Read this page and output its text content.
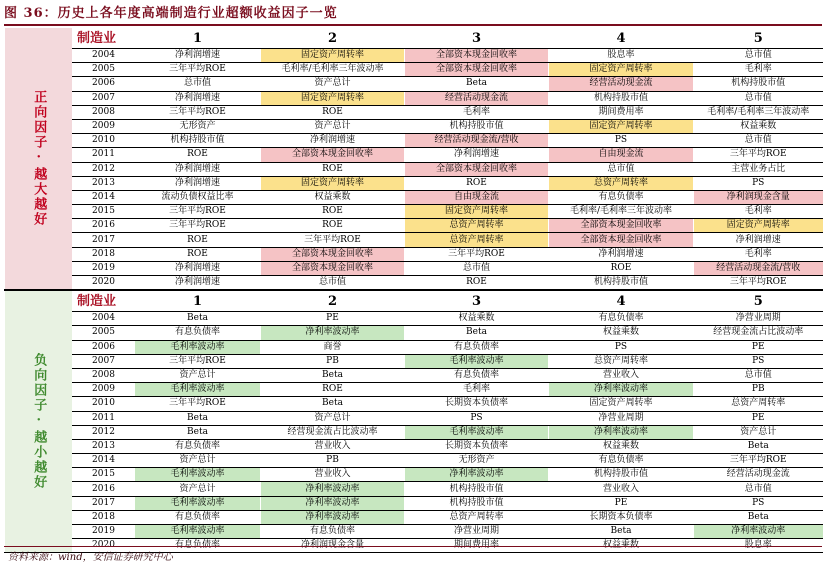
图 36：历史上各年度高端制造行业超额收益因子一览
正向因子·越大越好	制造业	1	2	3	4	5
	2004	净利润增速	固定资产周转率	全部资本现金回收率	股息率	总市值
	2005	三年平均ROE	毛利率/毛利率三年波动率	全部资本现金回收率	固定资产周转率	毛利率
	2006	总市值	资产总计	Beta	经营活动现金流	机构持股市值
	2007	净利润增速	固定资产周转率	经营活动现金流	机构持股市值	总市值
	2008	三年平均ROE	ROE	毛利率	期间费用率	毛利率/毛利率三年波动率
	2009	无形资产	资产总计	机构持股市值	固定资产周转率	权益乘数
	2010	机构持股市值	净利润增速	经营活动现金流/营收	PS	总市值
	2011	ROE	全部资本现金回收率	净利润增速	自由现金流	三年平均ROE
	2012	净利润增速	ROE	全部资本现金回收率	总市值	主营业务占比
	2013	净利润增速	固定资产周转率	ROE	总资产周转率	PS
	2014	流动负债权益比率	权益乘数	自由现金流	有息负债率	净利润现金含量
	2015	三年平均ROE	ROE	固定资产周转率	毛利率/毛利率三年波动率	毛利率
	2016	三年平均ROE	ROE	总资产周转率	全部资本现金回收率	固定资产周转率
	2017	ROE	三年平均ROE	总资产周转率	全部资本现金回收率	净利润增速
	2018	ROE	全部资本现金回收率	三年平均ROE	净利润增速	毛利率
	2019	净利润增速	全部资本现金回收率	总市值	ROE	经营活动现金流/营收
	2020	净利润增速	总市值	ROE	机构持股市值	三年平均ROE
负向因子·越小越好	制造业	1	2	3	4	5
	2004	Beta	PE	权益乘数	有息负债率	净营业周期
	2005	有息负债率	净利率波动率	Beta	权益乘数	经营现金流占比波动率
	2006	毛利率波动率	商誉	有息负债率	PS	PE
	2007	三年平均ROE	PB	毛利率波动率	总资产周转率	PS
	2008	资产总计	Beta	有息负债率	营业收入	总市值
	2009	毛利率波动率	ROE	毛利率	净利率波动率	PB
	2010	三年平均ROE	Beta	长期资本负债率	固定资产周转率	总资产周转率
	2011	Beta	资产总计	PS	净营业周期	PE
	2012	Beta	经营现金流占比波动率	毛利率波动率	净利率波动率	资产总计
	2013	有息负债率	营业收入	长期资本负债率	权益乘数	Beta
	2014	资产总计	PB	无形资产	有息负债率	三年平均ROE
	2015	毛利率波动率	营业收入	净利率波动率	机构持股市值	经营活动现金流
	2016	资产总计	净利率波动率	机构持股市值	营业收入	总市值
	2017	毛利率波动率	净利率波动率	机构持股市值	PE	PS
	2018	有息负债率	净利率波动率	总资产周转率	长期资本负债率	Beta
	2019	毛利率波动率	有息负债率	净营业周期	Beta	净利率波动率
	2020	有息负债率	净利润现金含量	期间费用率	权益乘数	股息率
资料来源：wind，安信证券研究中心
